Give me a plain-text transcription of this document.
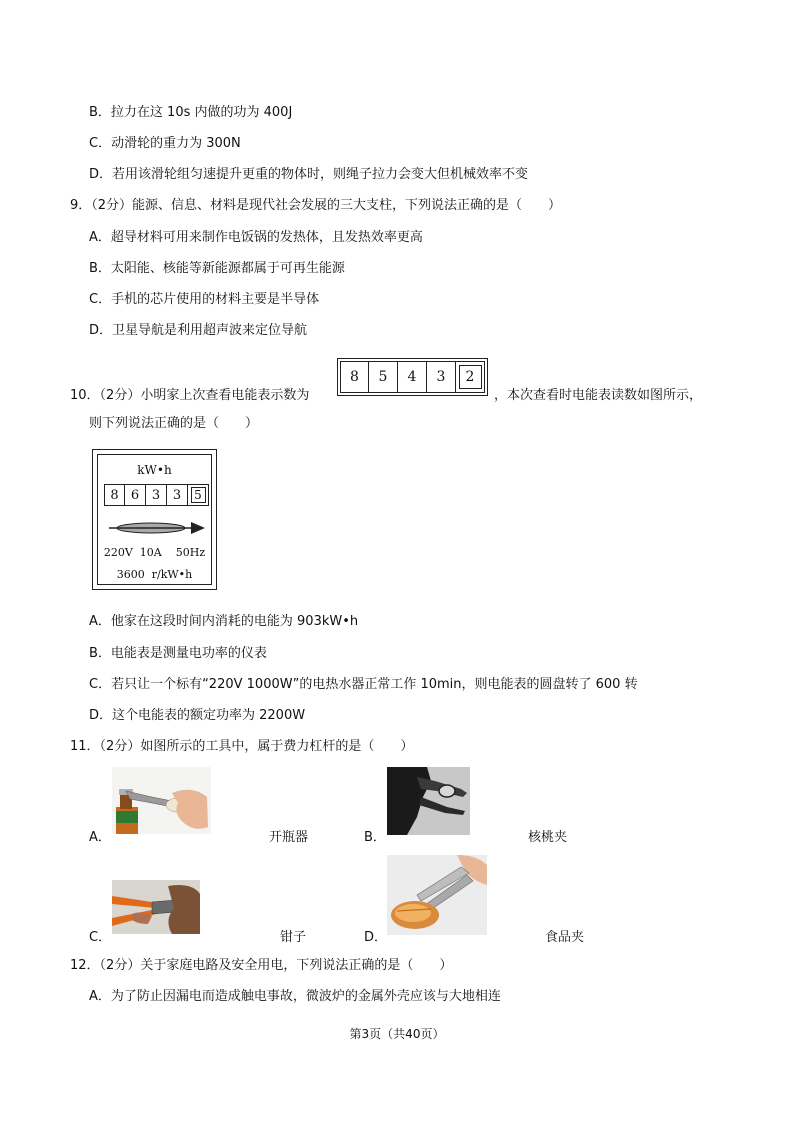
B．拉力在这 10s 内做的功为 400J
C．动滑轮的重力为 300N
D．若用该滑轮组匀速提升更重的物体时，则绳子拉力会变大但机械效率不变
9．（2分）能源、信息、材料是现代社会发展的三大支柱，下列说法正确的是（　　）
A．超导材料可用来制作电饭锅的发热体，且发热效率更高
B．太阳能、核能等新能源都属于可再生能源
C．手机的芯片使用的材料主要是半导体
D．卫星导航是利用超声波来定位导航
10．（2分）小明家上次查看电能表示数为
8	5	4	3	2
，本次查看时电能表读数如图所示，
则下列说法正确的是（　　）
kW•h
8 6 3 3	5
220V  10A    50Hz
3600  r/kW•h
A．他家在这段时间内消耗的电能为 903kW•h
B．电能表是测量电功率的仪表
C．若只让一个标有“220V 1000W”的电热水器正常工作 10min，则电能表的圆盘转了 600 转
D．这个电能表的额定功率为 2200W
11．（2分）如图所示的工具中，属于费力杠杆的是（　　）
A．	开瓶器	B．	核桃夹
C．	钳子	D．	食品夹
12．（2分）关于家庭电路及安全用电，下列说法正确的是（　　）
A．为了防止因漏电而造成触电事故，微波炉的金属外壳应该与大地相连
第3页（共40页）
